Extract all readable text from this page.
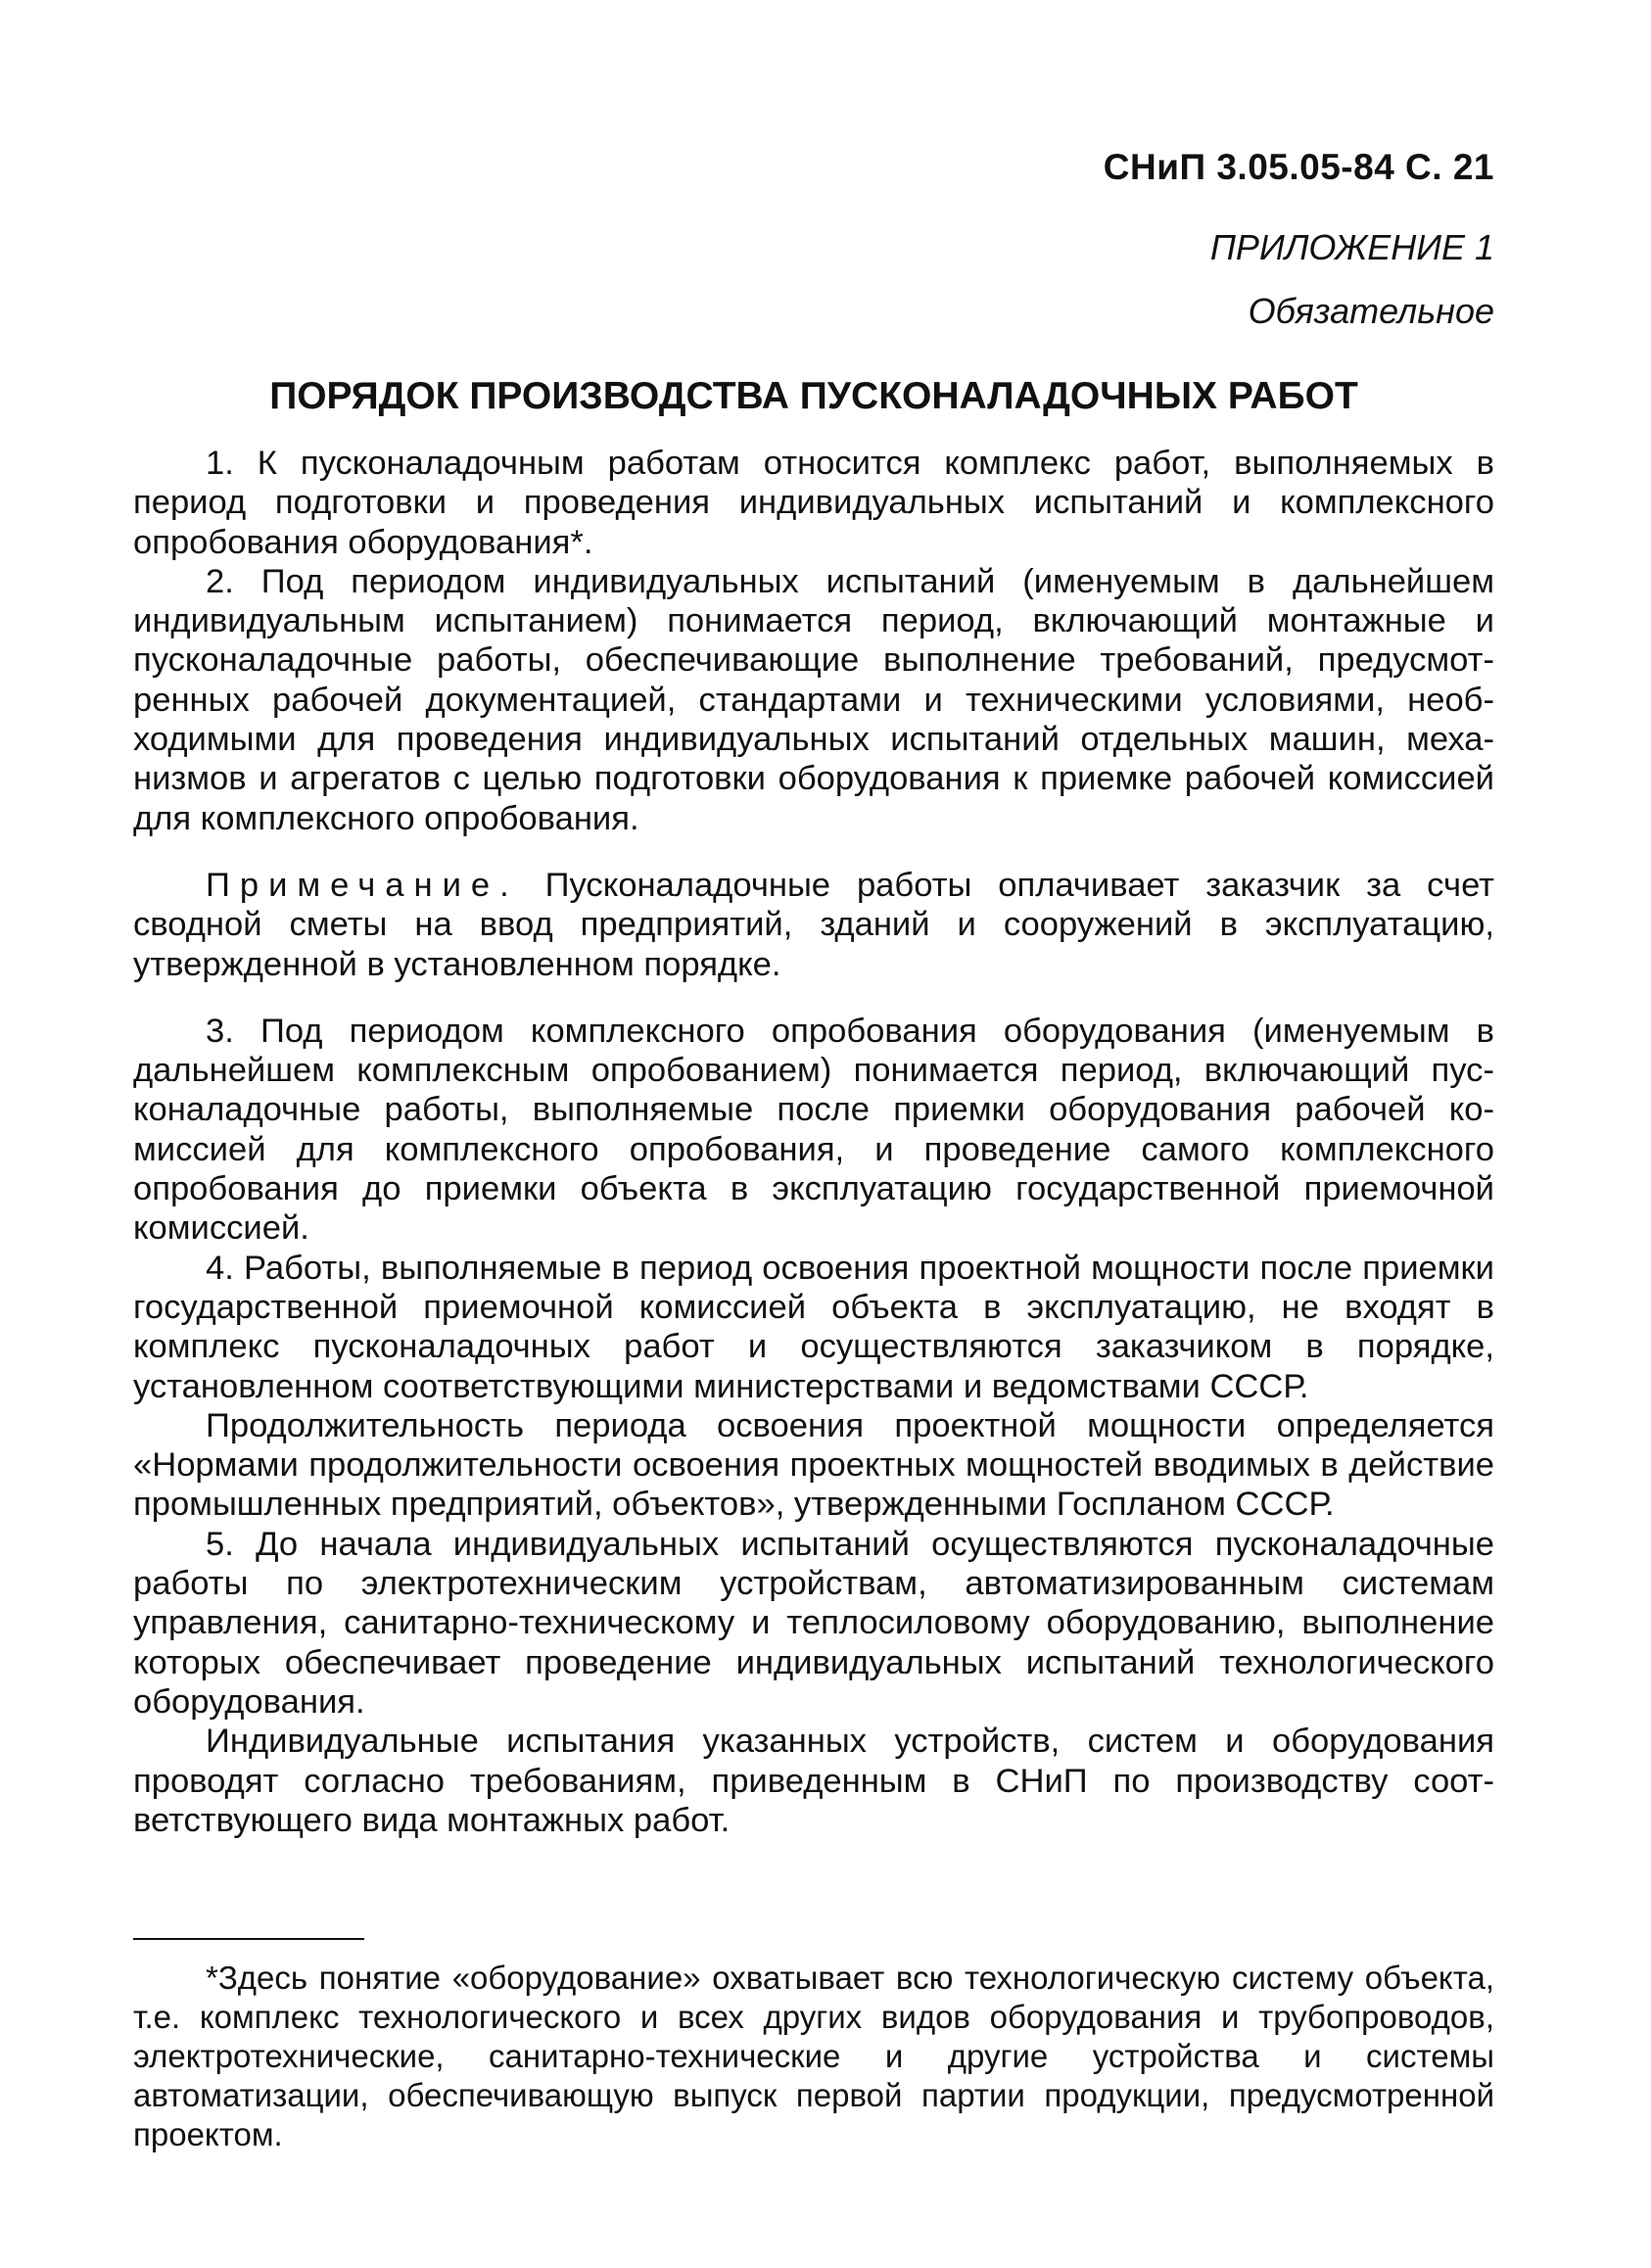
СНиП 3.05.05-84 С. 21
ПРИЛОЖЕНИЕ 1
Обязательное
ПОРЯДОК ПРОИЗВОДСТВА ПУСКОНАЛАДОЧНЫХ РАБОТ

1. К пусконаладочным работам относится комплекс работ, выполняемых в период подготовки и проведения индивидуальных испытаний и комплексного опробования оборудования*.

2. Под периодом индивидуальных испытаний (именуемым в дальнейшем индивидуальным испытанием) понимается период, включающий монтажные и пусконаладочные работы, обеспечивающие выполнение требований, предусмотренных рабочей документацией, стандартами и техническими условиями, необходимыми для проведения индивидуальных испытаний отдельных машин, механизмов и агрегатов с целью подготовки оборудования к приемке рабочей комиссией для комплексного опробования.

Примечание. Пусконаладочные работы оплачивает заказчик за счет сводной сметы на ввод предприятий, зданий и сооружений в эксплуатацию, утвержденной в установленном порядке.

3. Под периодом комплексного опробования оборудования (именуемым в дальнейшем комплексным опробованием) понимается период, включающий пусконаладочные работы, выполняемые после приемки оборудования рабочей комиссией для комплексного опробования, и проведение самого комплексного опробования до приемки объекта в эксплуатацию государственной приемочной комиссией.

4. Работы, выполняемые в период освоения проектной мощности после приемки государственной приемочной комиссией объекта в эксплуатацию, не входят в комплекс пусконаладочных работ и осуществляются заказчиком в порядке, установленном соответствующими министерствами и ведомствами СССР.

Продолжительность периода освоения проектной мощности определяется «Нормами продолжительности освоения проектных мощностей вводимых в действие промышленных предприятий, объектов», утвержденными Госпланом СССР.

5. До начала индивидуальных испытаний осуществляются пусконаладочные работы по электротехническим устройствам, автоматизированным системам управления, санитарно-техническому и теплосиловому оборудованию, выполнение которых обеспечивает проведение индивидуальных испытаний технологического оборудования.

Индивидуальные испытания указанных устройств, систем и оборудования проводят согласно требованиям, приведенным в СНиП по производству соответствующего вида монтажных работ.

*Здесь понятие «оборудование» охватывает всю технологическую систему объекта, т.е. комплекс технологического и всех других видов оборудования и трубопроводов, электротехнические, санитарно-технические и другие устройства и системы автоматизации, обеспечивающую выпуск первой партии продукции, предусмотренной проектом.
